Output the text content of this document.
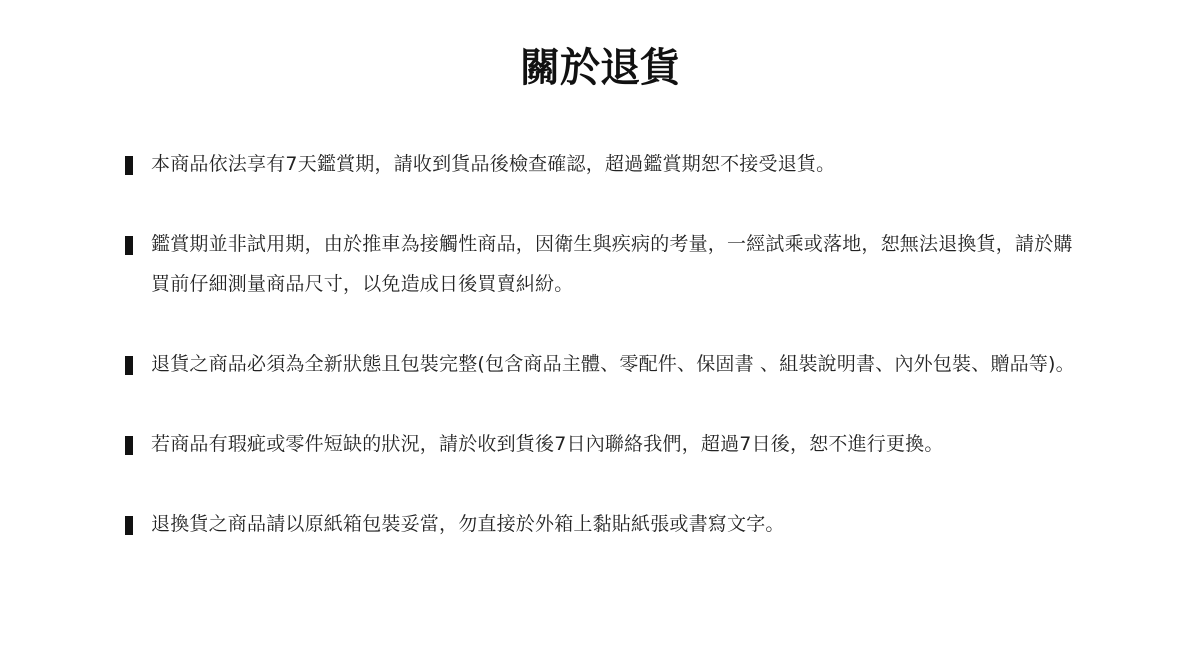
關於退貨
本商品依法享有7天鑑賞期，請收到貨品後檢查確認，超過鑑賞期恕不接受退貨。
鑑賞期並非試用期，由於推車為接觸性商品，因衛生與疾病的考量，一經試乘或落地，恕無法退換貨，請於購買前仔細測量商品尺寸，以免造成日後買賣糾紛。
退貨之商品必須為全新狀態且包裝完整(包含商品主體、零配件、保固書 、組裝說明書、內外包裝、贈品等)。
若商品有瑕疵或零件短缺的狀況，請於收到貨後7日內聯絡我們，超過7日後，恕不進行更換。
退換貨之商品請以原紙箱包裝妥當，勿直接於外箱上黏貼紙張或書寫文字。
